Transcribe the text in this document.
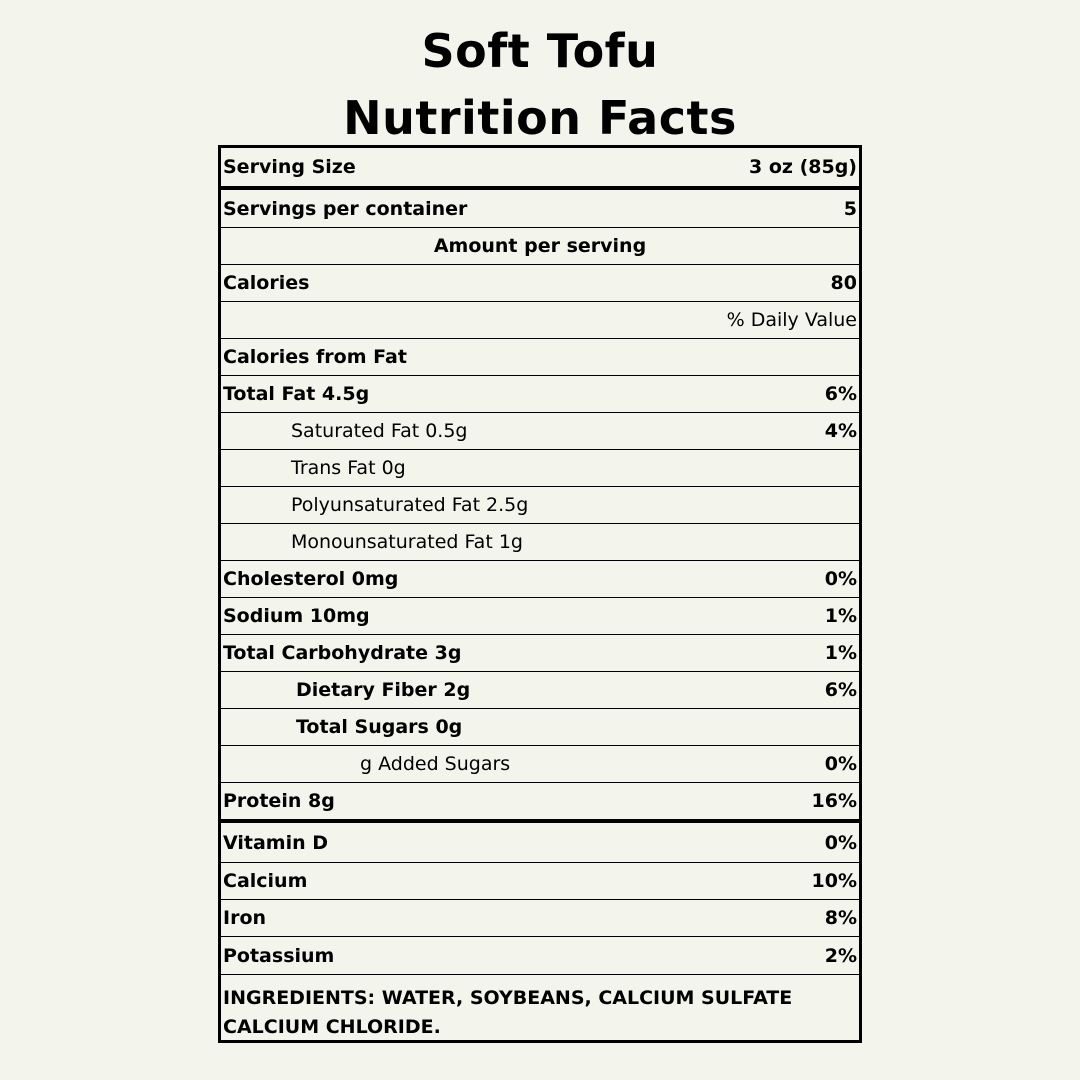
Soft Tofu
Nutrition Facts
Serving Size	3 oz (85g)
Servings per container	5
Amount per serving
Calories	80
% Daily Value
Calories from Fat
Total Fat 4.5g	6%
Saturated Fat 0.5g	4%
Trans Fat 0g
Polyunsaturated Fat 2.5g
Monounsaturated Fat 1g
Cholesterol 0mg	0%
Sodium 10mg	1%
Total Carbohydrate 3g	1%
Dietary Fiber 2g	6%
Total Sugars 0g
g Added Sugars	0%
Protein 8g	16%
Vitamin D	0%
Calcium	10%
Iron	8%
Potassium	2%
INGREDIENTS: WATER, SOYBEANS, CALCIUM SULFATE
CALCIUM CHLORIDE.
